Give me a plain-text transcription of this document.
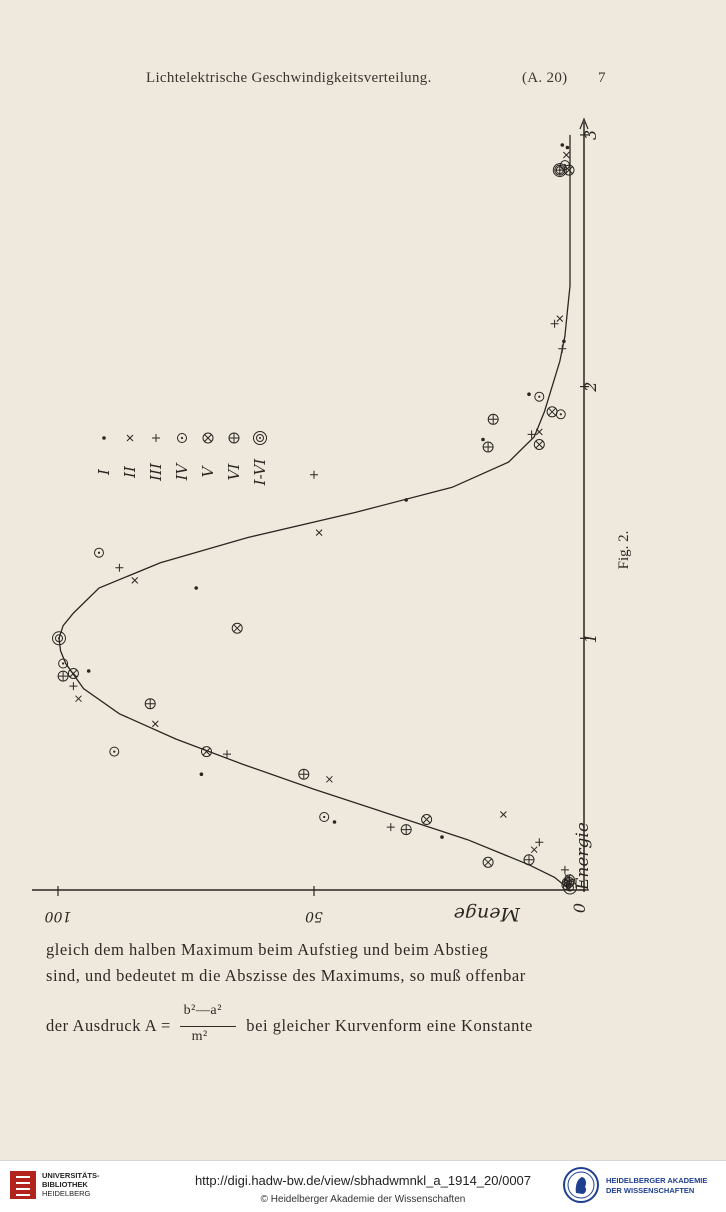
Lichtelektrische Geschwindigkeitsverteilung.	(A. 20) 7
0
1
2
3
50
100
I II III IV V VI I-VI
Menge
Energie
Fig. 2.
gleich dem halben Maximum beim Aufstieg und beim Abstieg
sind, und bedeutet m die Abszisse des Maximums, so muß offenbar
der Ausdruck $A = \frac{\text{b²—a²}}{\text{m²}}$ bei gleicher Kurvenform eine Konstante
UNIVERSITÄTS-
BIBLIOTHEK
HEIDELBERG
http://digi.hadw-bw.de/view/sbhadwmnkl_a_1914_20/0007
© Heidelberger Akademie der Wissenschaften
HEIDELBERGER AKADEMIE
DER WISSENSCHAFTEN
